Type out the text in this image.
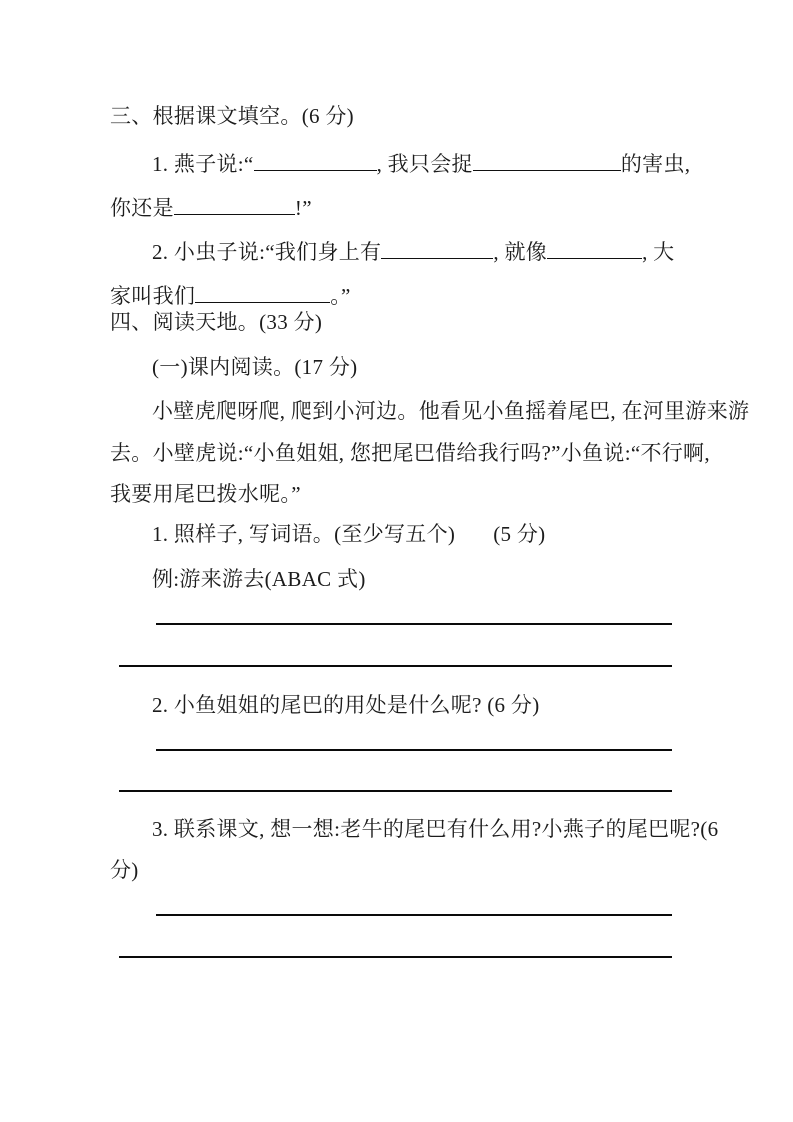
三、根据课文填空。(6 分)
1. 燕子说:“	, 我只会捉	的害虫,
你还是	!”
2. 小虫子说:“我们身上有	, 就像	, 大
家叫我们	。”
四、阅读天地。(33 分)
(一)课内阅读。(17 分)
小壁虎爬呀爬, 爬到小河边。他看见小鱼摇着尾巴, 在河里游来游
去。小壁虎说:“小鱼姐姐, 您把尾巴借给我行吗?”小鱼说:“不行啊,
我要用尾巴拨水呢。”
1. 照样子, 写词语。(至少写五个) (5 分)
例:游来游去(ABAC 式)
2. 小鱼姐姐的尾巴的用处是什么呢? (6 分)
3. 联系课文, 想一想:老牛的尾巴有什么用?小燕子的尾巴呢?(6
分)
